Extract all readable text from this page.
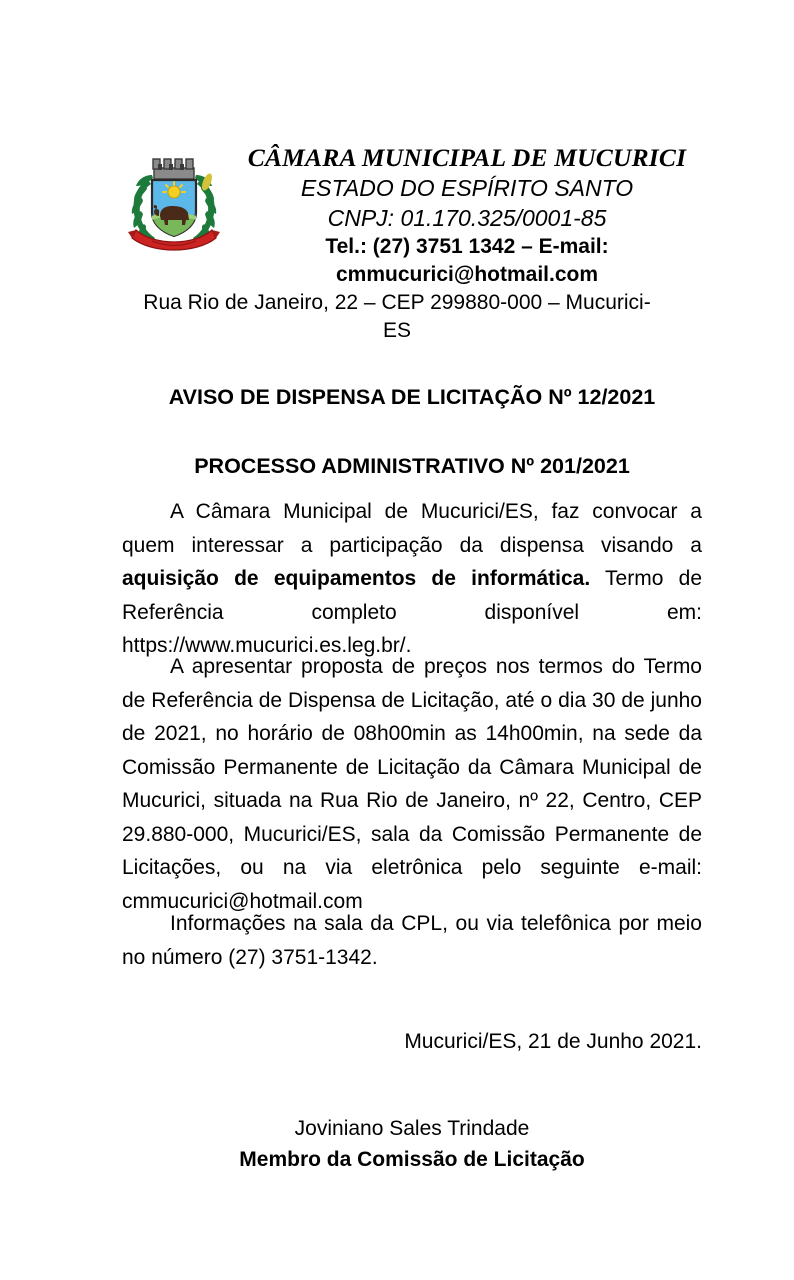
CÂMARA MUNICIPAL DE MUCURICI
ESTADO DO ESPÍRITO SANTO
CNPJ: 01.170.325/0001-85
Tel.: (27) 3751 1342 – E-mail:
cmmucurici@hotmail.com
Rua Rio de Janeiro, 22 – CEP 299880-000 – Mucurici-ES
AVISO DE DISPENSA DE LICITAÇÃO Nº 12/2021
PROCESSO ADMINISTRATIVO Nº 201/2021

A Câmara Municipal de Mucurici/ES, faz convocar a quem interessar a participação da dispensa visando a aquisição de equipamentos de informática. Termo de Referência completo disponível em: https://www.mucurici.es.leg.br/.

A apresentar proposta de preços nos termos do Termo de Referência de Dispensa de Licitação, até o dia 30 de junho de 2021, no horário de 08h00min as 14h00min, na sede da Comissão Permanente de Licitação da Câmara Municipal de Mucurici, situada na Rua Rio de Janeiro, nº 22, Centro, CEP 29.880-000, Mucurici/ES, sala da Comissão Permanente de Licitações, ou na via eletrônica pelo seguinte e-mail: cmmucurici@hotmail.com

Informações na sala da CPL, ou via telefônica por meio no número (27) 3751-1342.

Mucurici/ES, 21 de Junho 2021.
Joviniano Sales Trindade
Membro da Comissão de Licitação
